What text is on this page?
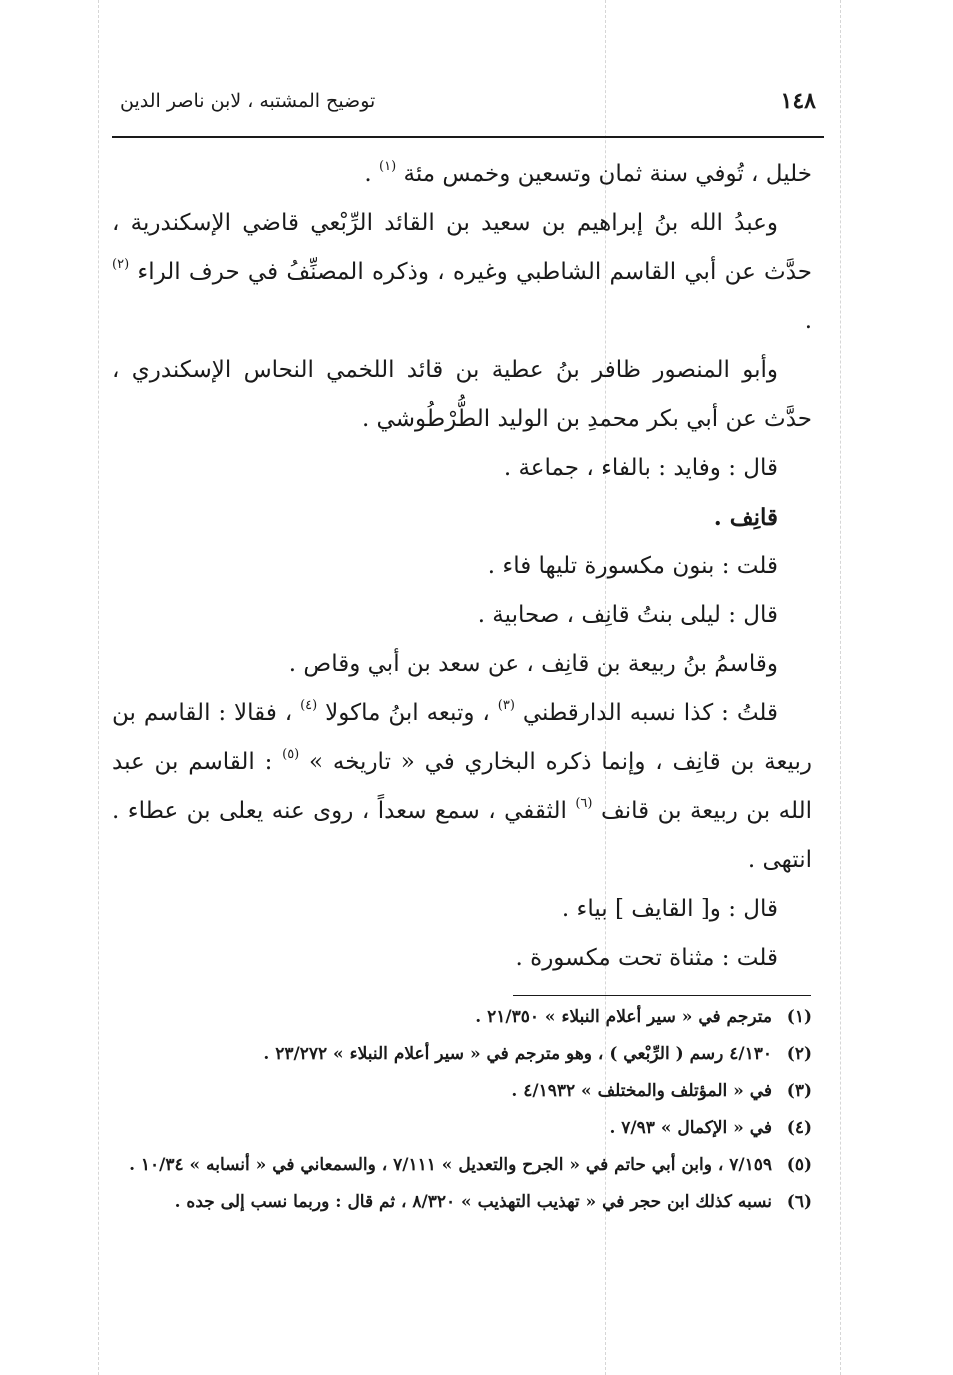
١٤٨
توضيح المشتبه ، لابن ناصر الدين

خليل ، تُوفي سنة ثمان وتسعين وخمس مئة $^{(١)}$ .

وعبدُ الله بنُ إبراهيم بن سعيد بن القائد الرِّبْعي قاضي الإسكندرية ، حدَّث عن أبي القاسم الشاطبي وغيره ، وذكره المصنِّفُ في حرف الراء $^{(٢)}$ .

وأبو المنصور ظافر بنُ عطية بن قائد اللخمي النحاس الإسكندري ، حدَّث عن أبي بكر محمدِ بن الوليد الطُّرْطُوشي .

قال : وفايد : بالفاء ، جماعة .

قانِف .

قلت : بنون مكسورة تليها فاء .

قال : ليلى بنتُ قانِف ، صحابية .

وقاسمُ بنُ ربيعة بن قانِف ، عن سعد بن أبي وقاص .

قلتُ : كذا نسبه الدارقطني $^{(٣)}$ ، وتبعه ابنُ ماكولا $^{(٤)}$ ، فقالا : القاسم بن ربيعة بن قانِف ، وإنما ذكره البخاري في « تاريخه » $^{(٥)}$ : القاسم بن عبد الله بن ربيعة بن قانف $^{(٦)}$ الثقفي ، سمع سعداً ، روى عنه يعلى بن عطاء . انتهى .

قال : و[ القايف ] بياء .

قلت : مثناة تحت مكسورة .

(١)
مترجم في « سير أعلام النبلاء » ٢١/٣٥٠ .

(٢)
٤/١٣٠ رسم ( الرِّبْعي ) ، وهو مترجم في « سير أعلام النبلاء » ٢٣/٢٧٢ .

(٣)
في « المؤتلف والمختلف » ٤/١٩٣٢ .

(٤)
في « الإكمال » ٧/٩٣ .

(٥)
٧/١٥٩ ، وابن أبي حاتم في « الجرح والتعديل » ٧/١١١ ، والسمعاني في « أنسابه » ١٠/٣٤ .

(٦)
نسبه كذلك ابن حجر في « تهذيب التهذيب » ٨/٣٢٠ ، ثم قال : وربما نسب إلى جده .
